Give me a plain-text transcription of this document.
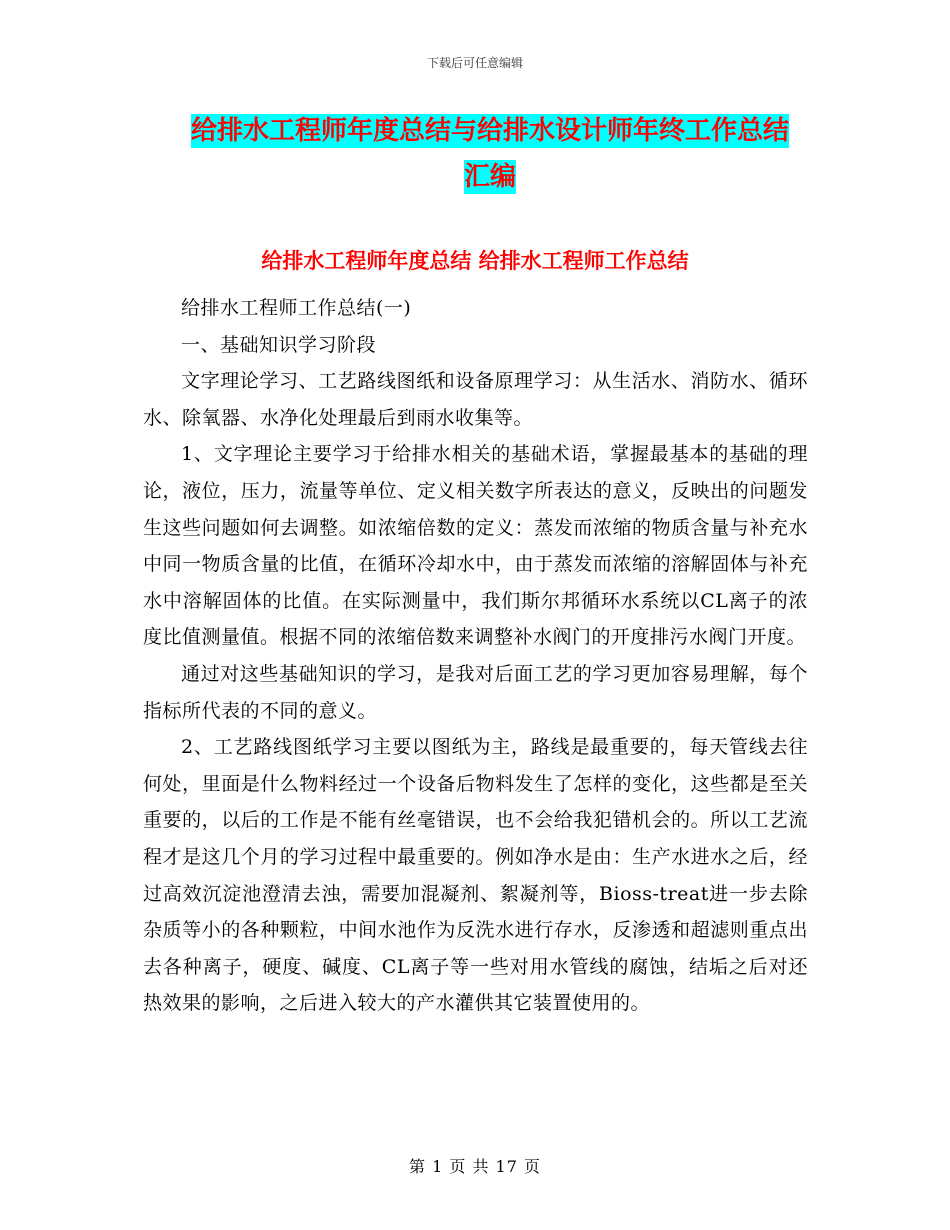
下载后可任意编辑
给排水工程师年度总结与给排水设计师年终工作总结
汇编
给排水工程师年度总结 给排水工程师工作总结

给排水工程师工作总结(一)

一、基础知识学习阶段

文字理论学习、工艺路线图纸和设备原理学习：从生活水、消防水、循环水、除氧器、水净化处理最后到雨水收集等。

1、文字理论主要学习于给排水相关的基础术语，掌握最基本的基础的理论，液位，压力，流量等单位、定义相关数字所表达的意义，反映出的问题发生这些问题如何去调整。如浓缩倍数的定义：蒸发而浓缩的物质含量与补充水中同一物质含量的比值，在循环冷却水中，由于蒸发而浓缩的溶解固体与补充水中溶解固体的比值。在实际测量中，我们斯尔邦循环水系统以CL离子的浓度比值测量值。根据不同的浓缩倍数来调整补水阀门的开度排污水阀门开度。

通过对这些基础知识的学习，是我对后面工艺的学习更加容易理解，每个指标所代表的不同的意义。

2、工艺路线图纸学习主要以图纸为主，路线是最重要的，每天管线去往何处，里面是什么物料经过一个设备后物料发生了怎样的变化，这些都是至关重要的，以后的工作是不能有丝毫错误，也不会给我犯错机会的。所以工艺流程才是这几个月的学习过程中最重要的。例如净水是由：生产水进水之后，经过高效沉淀池澄清去浊，需要加混凝剂、絮凝剂等，Bioss-treat进一步去除杂质等小的各种颗粒，中间水池作为反洗水进行存水，反渗透和超滤则重点出去各种离子，硬度、碱度、CL离子等一些对用水管线的腐蚀，结垢之后对还热效果的影响，之后进入较大的产水灌供其它装置使用的。

第 1 页 共 17 页
